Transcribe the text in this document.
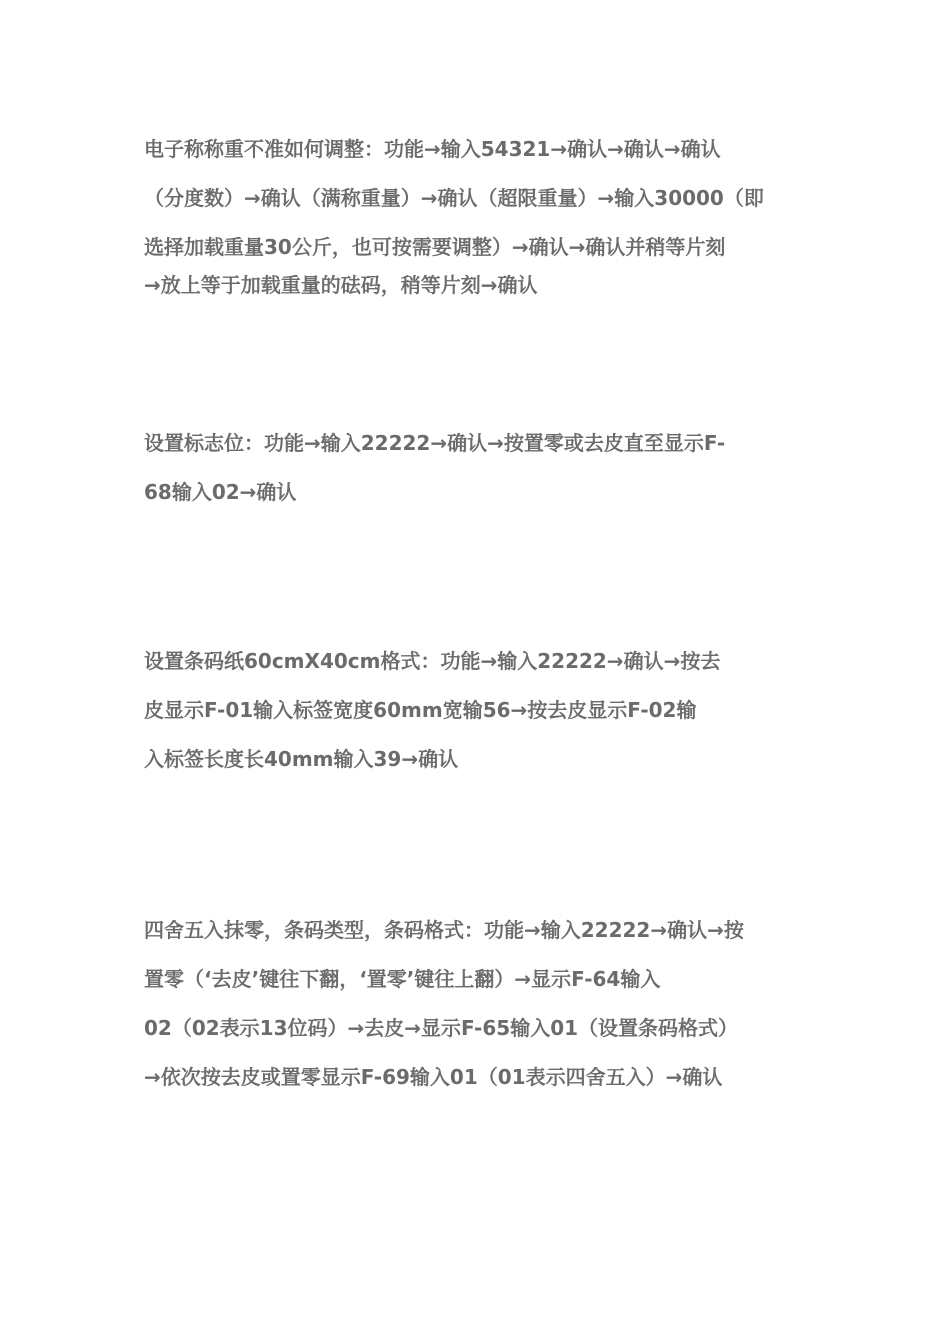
电子称称重不准如何调整：功能→输入54321→确认→确认→确认
（分度数）→确认（满称重量）→确认（超限重量）→输入30000（即
选择加载重量30公斤，也可按需要调整）→确认→确认并稍等片刻
→放上等于加载重量的砝码，稍等片刻→确认
设置标志位：功能→输入22222→确认→按置零或去皮直至显示F-
68输入02→确认
设置条码纸60cmX40cm格式：功能→输入22222→确认→按去
皮显示F-01输入标签宽度60mm宽输56→按去皮显示F-02输
入标签长度长40mm输入39→确认
四舍五入抹零，条码类型，条码格式：功能→输入22222→确认→按
置零（‘去皮’键往下翻，‘置零’键往上翻）→显示F-64输入
02（02表示13位码）→去皮→显示F-65输入01（设置条码格式）
→依次按去皮或置零显示F-69输入01（01表示四舍五入）→确认
